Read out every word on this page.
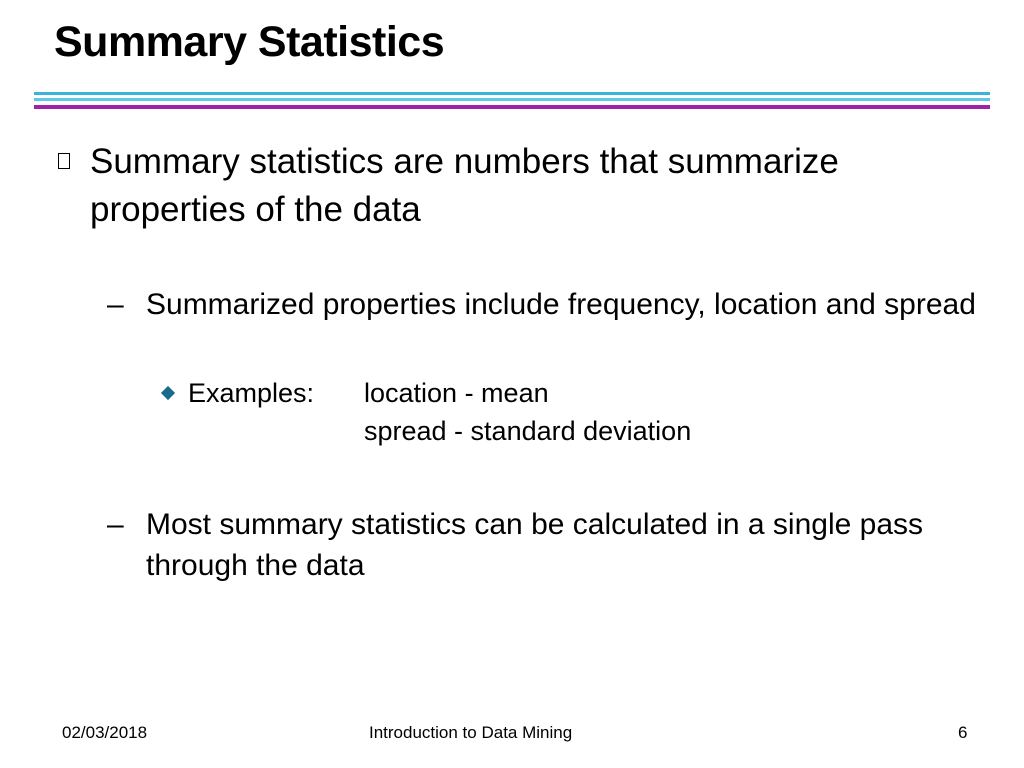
Summary Statistics
Summary statistics are numbers that summarize properties of the data
– Summarized properties include frequency, location and spread
Examples: location - mean
spread - standard deviation
– Most summary statistics can be calculated in a single pass through the data
02/03/2018	Introduction to Data Mining	6
